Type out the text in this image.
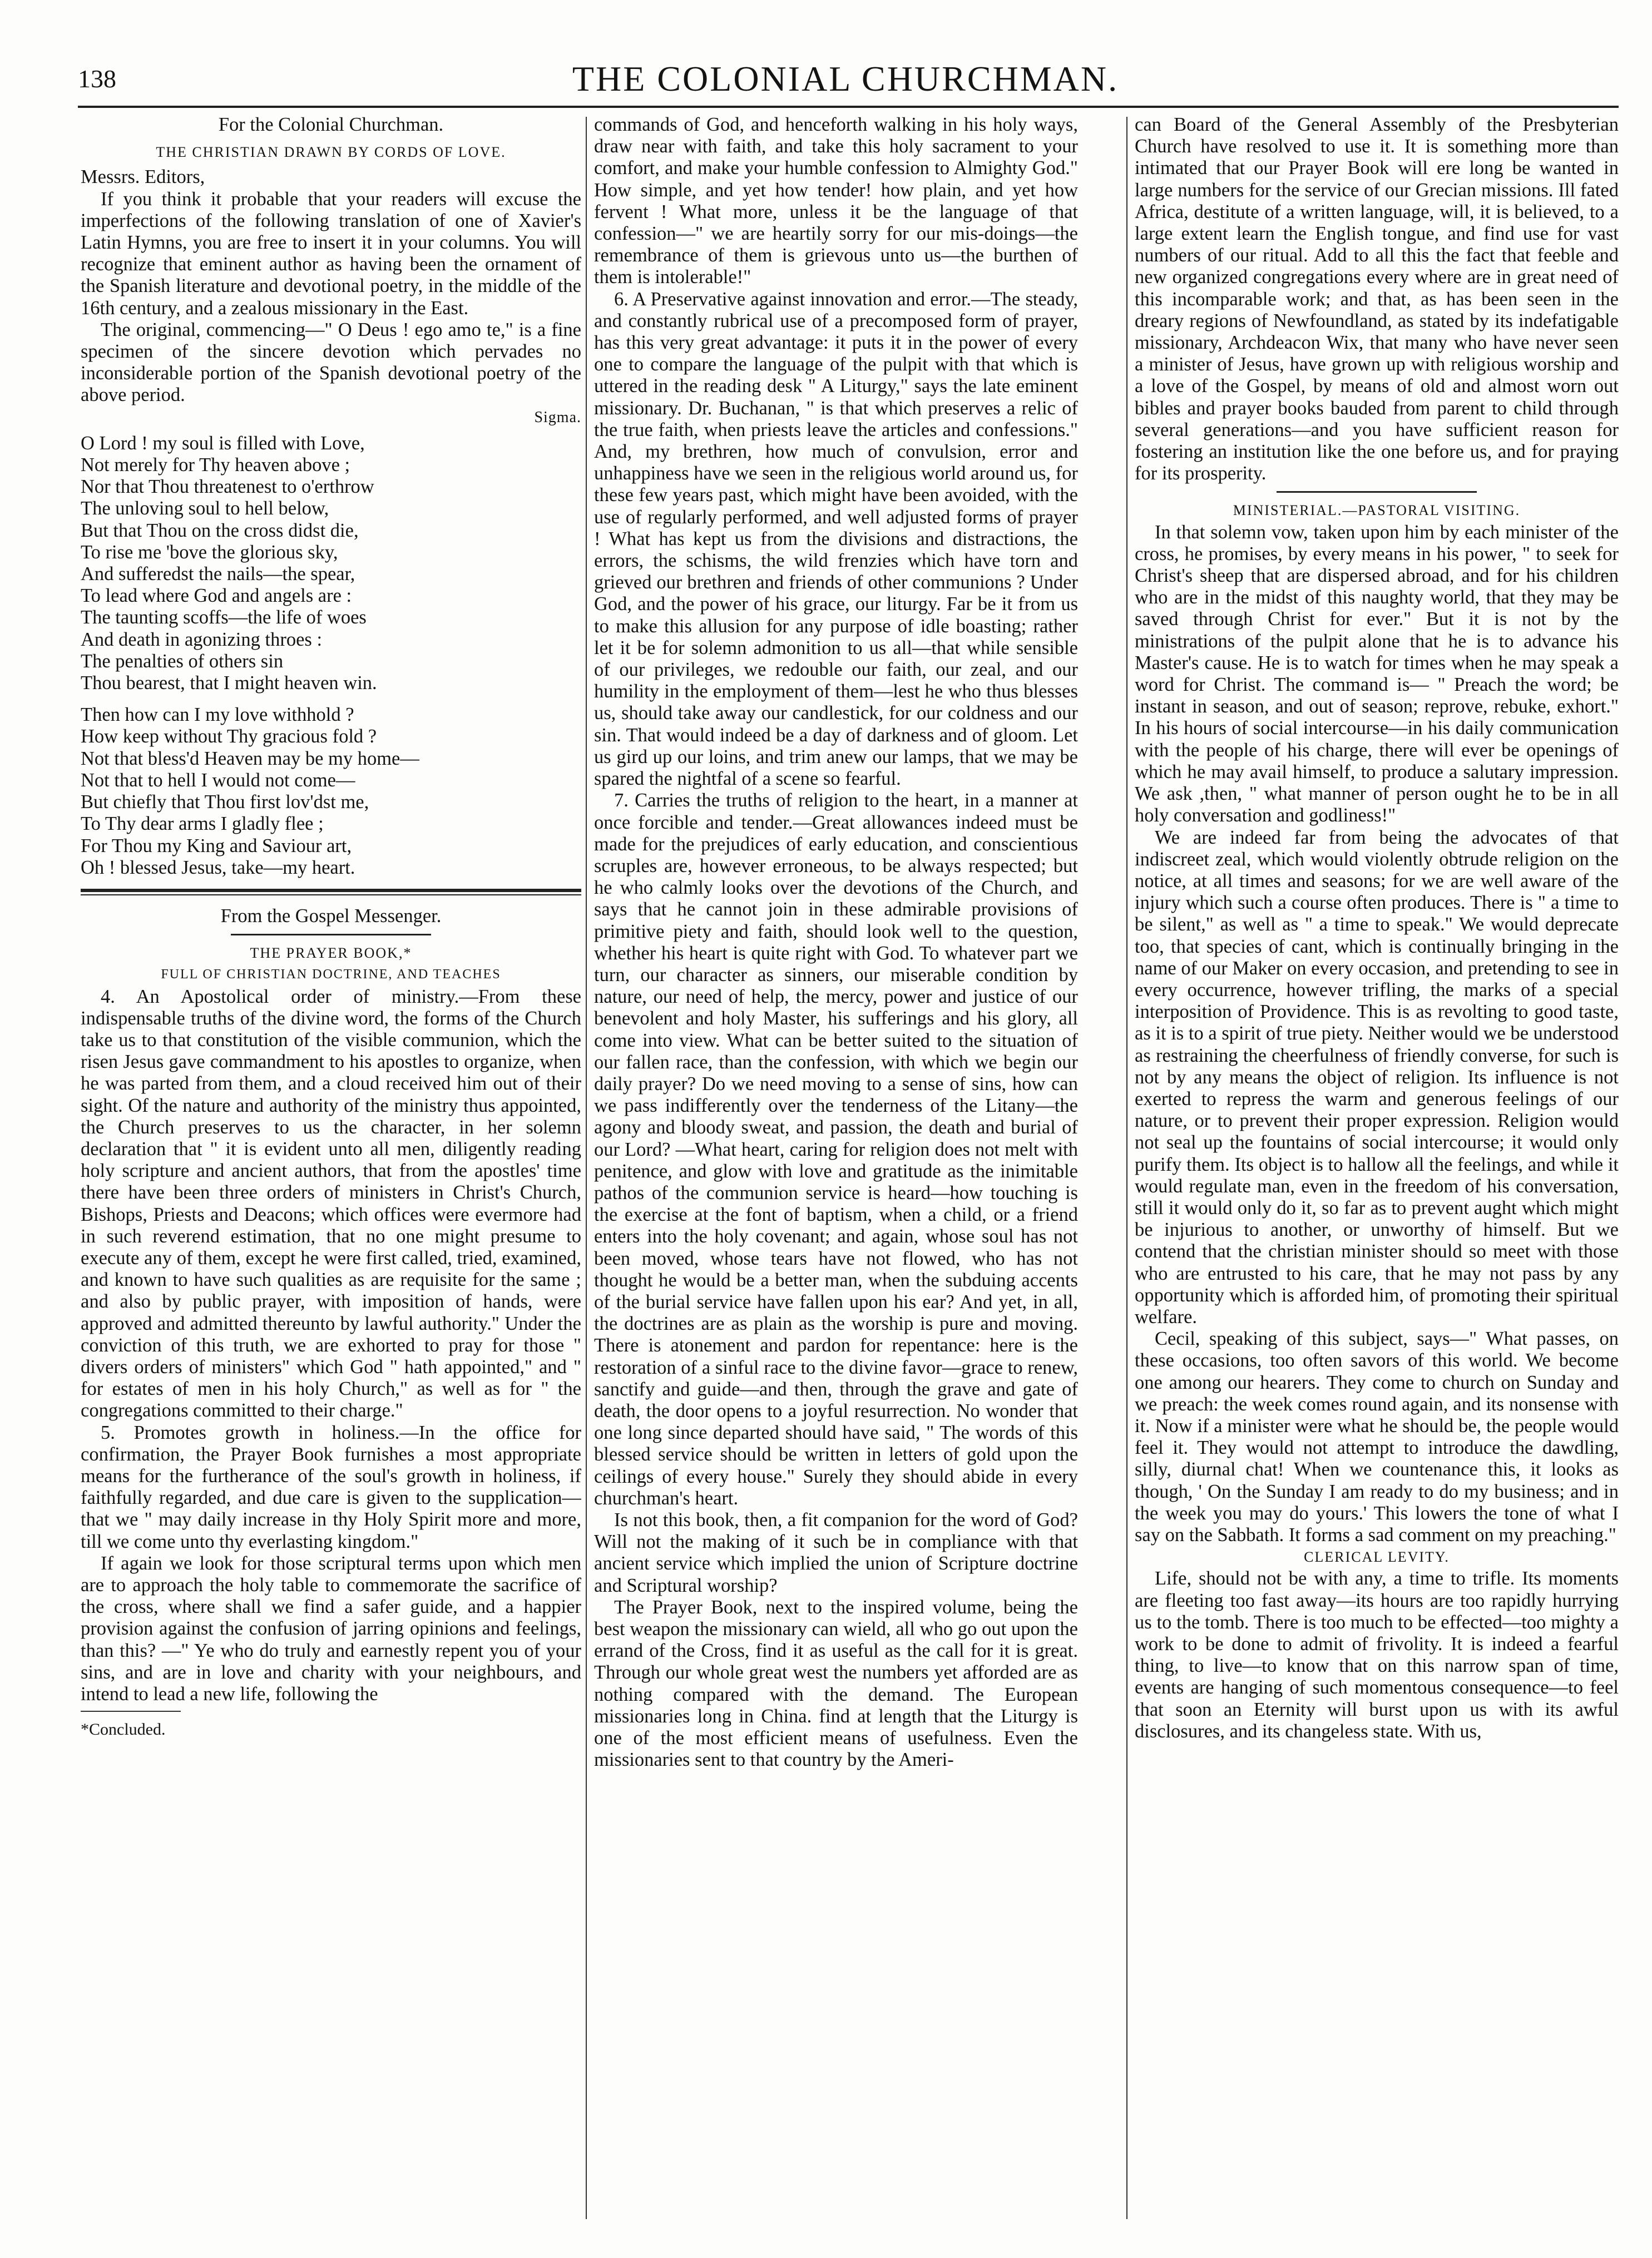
138	THE COLONIAL CHURCHMAN.

For the Colonial Churchman.

THE CHRISTIAN DRAWN BY CORDS OF LOVE.

Messrs. Editors,

If you think it probable that your readers will excuse the imperfections of the following translation of one of Xavier's Latin Hymns, you are free to insert it in your columns. You will recognize that eminent author as having been the ornament of the Spanish literature and devotional poetry, in the middle of the 16th century, and a zealous missionary in the East.

The original, commencing—" O Deus ! ego amo te," is a fine specimen of the sincere devotion which pervades no inconsiderable portion of the Spanish devotional poetry of the above period.

Sigma.

O Lord ! my soul is filled with Love,

Not merely for Thy heaven above ;

Nor that Thou threatenest to o'erthrow

The unloving soul to hell below,

But that Thou on the cross didst die,

To rise me 'bove the glorious sky,

And sufferedst the nails—the spear,

To lead where God and angels are :

The taunting scoffs—the life of woes

And death in agonizing throes :

The penalties of others sin

Thou bearest, that I might heaven win.

Then how can I my love withhold ?

How keep without Thy gracious fold ?

Not that bless'd Heaven may be my home—

Not that to hell I would not come—

But chiefly that Thou first lov'dst me,

To Thy dear arms I gladly flee ;

For Thou my King and Saviour art,

Oh ! blessed Jesus, take—my heart.

From the Gospel Messenger.

THE PRAYER BOOK,*

FULL OF CHRISTIAN DOCTRINE, AND TEACHES

4. An Apostolical order of ministry.—From these indispensable truths of the divine word, the forms of the Church take us to that constitution of the visible communion, which the risen Jesus gave commandment to his apostles to organize, when he was parted from them, and a cloud received him out of their sight. Of the nature and authority of the ministry thus appointed, the Church preserves to us the character, in her solemn declaration that " it is evident unto all men, diligently reading holy scripture and ancient authors, that from the apostles' time there have been three orders of ministers in Christ's Church, Bishops, Priests and Deacons; which offices were evermore had in such reverend estimation, that no one might presume to execute any of them, except he were first called, tried, examined, and known to have such qualities as are requisite for the same ; and also by public prayer, with imposition of hands, were approved and admitted thereunto by lawful authority." Under the conviction of this truth, we are exhorted to pray for those " divers orders of ministers" which God " hath appointed," and " for estates of men in his holy Church," as well as for " the congregations committed to their charge."

5. Promotes growth in holiness.—In the office for confirmation, the Prayer Book furnishes a most appropriate means for the furtherance of the soul's growth in holiness, if faithfully regarded, and due care is given to the supplication—that we " may daily increase in thy Holy Spirit more and more, till we come unto thy everlasting kingdom."

If again we look for those scriptural terms upon which men are to approach the holy table to commemorate the sacrifice of the cross, where shall we find a safer guide, and a happier provision against the confusion of jarring opinions and feelings, than this? —" Ye who do truly and earnestly repent you of your sins, and are in love and charity with your neighbours, and intend to lead a new life, following the

*Concluded.

commands of God, and henceforth walking in his holy ways, draw near with faith, and take this holy sacrament to your comfort, and make your humble confession to Almighty God." How simple, and yet how tender! how plain, and yet how fervent ! What more, unless it be the language of that confession—" we are heartily sorry for our mis-doings—the remembrance of them is grievous unto us—the burthen of them is intolerable!"

6. A Preservative against innovation and error.—The steady, and constantly rubrical use of a precomposed form of prayer, has this very great advantage: it puts it in the power of every one to compare the language of the pulpit with that which is uttered in the reading desk " A Liturgy," says the late eminent missionary. Dr. Buchanan, " is that which preserves a relic of the true faith, when priests leave the articles and confessions." And, my brethren, how much of convulsion, error and unhappiness have we seen in the religious world around us, for these few years past, which might have been avoided, with the use of regularly performed, and well adjusted forms of prayer ! What has kept us from the divisions and distractions, the errors, the schisms, the wild frenzies which have torn and grieved our brethren and friends of other communions ? Under God, and the power of his grace, our liturgy. Far be it from us to make this allusion for any purpose of idle boasting; rather let it be for solemn admonition to us all—that while sensible of our privileges, we redouble our faith, our zeal, and our humility in the employment of them—lest he who thus blesses us, should take away our candlestick, for our coldness and our sin. That would indeed be a day of darkness and of gloom. Let us gird up our loins, and trim anew our lamps, that we may be spared the nightfal of a scene so fearful.

7. Carries the truths of religion to the heart, in a manner at once forcible and tender.—Great allowances indeed must be made for the prejudices of early education, and conscientious scruples are, however erroneous, to be always respected; but he who calmly looks over the devotions of the Church, and says that he cannot join in these admirable provisions of primitive piety and faith, should look well to the question, whether his heart is quite right with God. To whatever part we turn, our character as sinners, our miserable condition by nature, our need of help, the mercy, power and justice of our benevolent and holy Master, his sufferings and his glory, all come into view. What can be better suited to the situation of our fallen race, than the confession, with which we begin our daily prayer? Do we need moving to a sense of sins, how can we pass indifferently over the tenderness of the Litany—the agony and bloody sweat, and passion, the death and burial of our Lord? —What heart, caring for religion does not melt with penitence, and glow with love and gratitude as the inimitable pathos of the communion service is heard—how touching is the exercise at the font of baptism, when a child, or a friend enters into the holy covenant; and again, whose soul has not been moved, whose tears have not flowed, who has not thought he would be a better man, when the subduing accents of the burial service have fallen upon his ear? And yet, in all, the doctrines are as plain as the worship is pure and moving. There is atonement and pardon for repentance: here is the restoration of a sinful race to the divine favor—grace to renew, sanctify and guide—and then, through the grave and gate of death, the door opens to a joyful resurrection. No wonder that one long since departed should have said, " The words of this blessed service should be written in letters of gold upon the ceilings of every house." Surely they should abide in every churchman's heart.

Is not this book, then, a fit companion for the word of God? Will not the making of it such be in compliance with that ancient service which implied the union of Scripture doctrine and Scriptural worship?

The Prayer Book, next to the inspired volume, being the best weapon the missionary can wield, all who go out upon the errand of the Cross, find it as useful as the call for it is great. Through our whole great west the numbers yet afforded are as nothing compared with the demand. The European missionaries long in China. find at length that the Liturgy is one of the most efficient means of usefulness. Even the missionaries sent to that country by the Ameri-

can Board of the General Assembly of the Presbyterian Church have resolved to use it. It is something more than intimated that our Prayer Book will ere long be wanted in large numbers for the service of our Grecian missions. Ill fated Africa, destitute of a written language, will, it is believed, to a large extent learn the English tongue, and find use for vast numbers of our ritual. Add to all this the fact that feeble and new organized congregations every where are in great need of this incomparable work; and that, as has been seen in the dreary regions of Newfoundland, as stated by its indefatigable missionary, Archdeacon Wix, that many who have never seen a minister of Jesus, have grown up with religious worship and a love of the Gospel, by means of old and almost worn out bibles and prayer books bauded from parent to child through several generations—and you have sufficient reason for fostering an institution like the one before us, and for praying for its prosperity.

MINISTERIAL.—PASTORAL VISITING.

In that solemn vow, taken upon him by each minister of the cross, he promises, by every means in his power, " to seek for Christ's sheep that are dispersed abroad, and for his children who are in the midst of this naughty world, that they may be saved through Christ for ever." But it is not by the ministrations of the pulpit alone that he is to advance his Master's cause. He is to watch for times when he may speak a word for Christ. The command is— " Preach the word; be instant in season, and out of season; reprove, rebuke, exhort." In his hours of social intercourse—in his daily communication with the people of his charge, there will ever be openings of which he may avail himself, to produce a salutary impression. We ask ,then, " what manner of person ought he to be in all holy conversation and godliness!"

We are indeed far from being the advocates of that indiscreet zeal, which would violently obtrude religion on the notice, at all times and seasons; for we are well aware of the injury which such a course often produces. There is " a time to be silent," as well as " a time to speak." We would deprecate too, that species of cant, which is continually bringing in the name of our Maker on every occasion, and pretending to see in every occurrence, however trifling, the marks of a special interposition of Providence. This is as revolting to good taste, as it is to a spirit of true piety. Neither would we be understood as restraining the cheerfulness of friendly converse, for such is not by any means the object of religion. Its influence is not exerted to repress the warm and generous feelings of our nature, or to prevent their proper expression. Religion would not seal up the fountains of social intercourse; it would only purify them. Its object is to hallow all the feelings, and while it would regulate man, even in the freedom of his conversation, still it would only do it, so far as to prevent aught which might be injurious to another, or unworthy of himself. But we contend that the christian minister should so meet with those who are entrusted to his care, that he may not pass by any opportunity which is afforded him, of promoting their spiritual welfare.

Cecil, speaking of this subject, says—" What passes, on these occasions, too often savors of this world. We become one among our hearers. They come to church on Sunday and we preach: the week comes round again, and its nonsense with it. Now if a minister were what he should be, the people would feel it. They would not attempt to introduce the dawdling, silly, diurnal chat! When we countenance this, it looks as though, ' On the Sunday I am ready to do my business; and in the week you may do yours.' This lowers the tone of what I say on the Sabbath. It forms a sad comment on my preaching."

CLERICAL LEVITY.

Life, should not be with any, a time to trifle. Its moments are fleeting too fast away—its hours are too rapidly hurrying us to the tomb. There is too much to be effected—too mighty a work to be done to admit of frivolity. It is indeed a fearful thing, to live—to know that on this narrow span of time, events are hanging of such momentous consequence—to feel that soon an Eternity will burst upon us with its awful disclosures, and its changeless state. With us,
